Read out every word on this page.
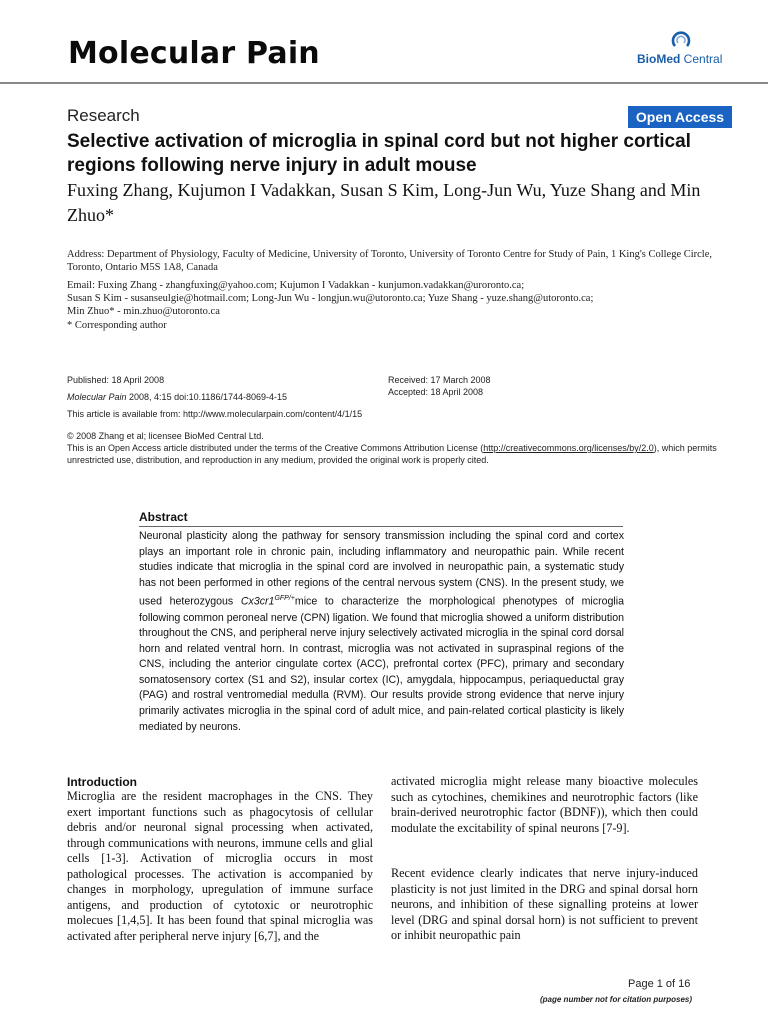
Molecular Pain	BioMed Central
Research	Open Access
Selective activation of microglia in spinal cord but not higher cortical regions following nerve injury in adult mouse
Fuxing Zhang, Kujumon I Vadakkan, Susan S Kim, Long-Jun Wu, Yuze Shang and Min Zhuo*
Address: Department of Physiology, Faculty of Medicine, University of Toronto, University of Toronto Centre for Study of Pain, 1 King's College Circle, Toronto, Ontario M5S 1A8, Canada
Email: Fuxing Zhang - zhangfuxing@yahoo.com; Kujumon I Vadakkan - kunjumon.vadakkan@uroronto.ca;
Susan S Kim - susanseulgie@hotmail.com; Long-Jun Wu - longjun.wu@utoronto.ca; Yuze Shang - yuze.shang@utoronto.ca;
Min Zhuo* - min.zhuo@utoronto.ca
* Corresponding author
Published: 18 April 2008
Molecular Pain 2008, 4:15 doi:10.1186/1744-8069-4-15
Received: 17 March 2008
Accepted: 18 April 2008
This article is available from: http://www.molecularpain.com/content/4/1/15
© 2008 Zhang et al; licensee BioMed Central Ltd.
This is an Open Access article distributed under the terms of the Creative Commons Attribution License (http://creativecommons.org/licenses/by/2.0), which permits unrestricted use, distribution, and reproduction in any medium, provided the original work is properly cited.
Abstract
Neuronal plasticity along the pathway for sensory transmission including the spinal cord and cortex plays an important role in chronic pain, including inflammatory and neuropathic pain. While recent studies indicate that microglia in the spinal cord are involved in neuropathic pain, a systematic study has not been performed in other regions of the central nervous system (CNS). In the present study, we used heterozygous $Cx3cr1^{GFP/+}mice$ to characterize the morphological phenotypes of microglia following common peroneal nerve (CPN) ligation. We found that microglia showed a uniform distribution throughout the CNS, and peripheral nerve injury selectively activated microglia in the spinal cord dorsal horn and related ventral horn. In contrast, microglia was not activated in supraspinal regions of the CNS, including the anterior cingulate cortex (ACC), prefrontal cortex (PFC), primary and secondary somatosensory cortex (S1 and S2), insular cortex (IC), amygdala, hippocampus, periaqueductal gray (PAG) and rostral ventromedial medulla (RVM). Our results provide strong evidence that nerve injury primarily activates microglia in the spinal cord of adult mice, and pain-related cortical plasticity is likely mediated by neurons.
Introduction
Microglia are the resident macrophages in the CNS. They exert important functions such as phagocytosis of cellular debris and/or neuronal signal processing when activated, through communications with neurons, immune cells and glial cells [1-3]. Activation of microglia occurs in most pathological processes. The activation is accompanied by changes in morphology, upregulation of immune surface antigens, and production of cytotoxic or neurotrophic molecues [1,4,5]. It has been found that spinal microglia was activated after peripheral nerve injury [6,7], and the
activated microglia might release many bioactive molecules such as cytochines, chemikines and neurotrophic factors (like brain-derived neurotrophic factor (BDNF)), which then could modulate the excitability of spinal neurons [7-9].
Recent evidence clearly indicates that nerve injury-induced plasticity is not just limited in the DRG and spinal dorsal horn neurons, and inhibition of these signalling proteins at lower level (DRG and spinal dorsal horn) is not sufficient to prevent or inhibit neuropathic pain
Page 1 of 16
(page number not for citation purposes)
